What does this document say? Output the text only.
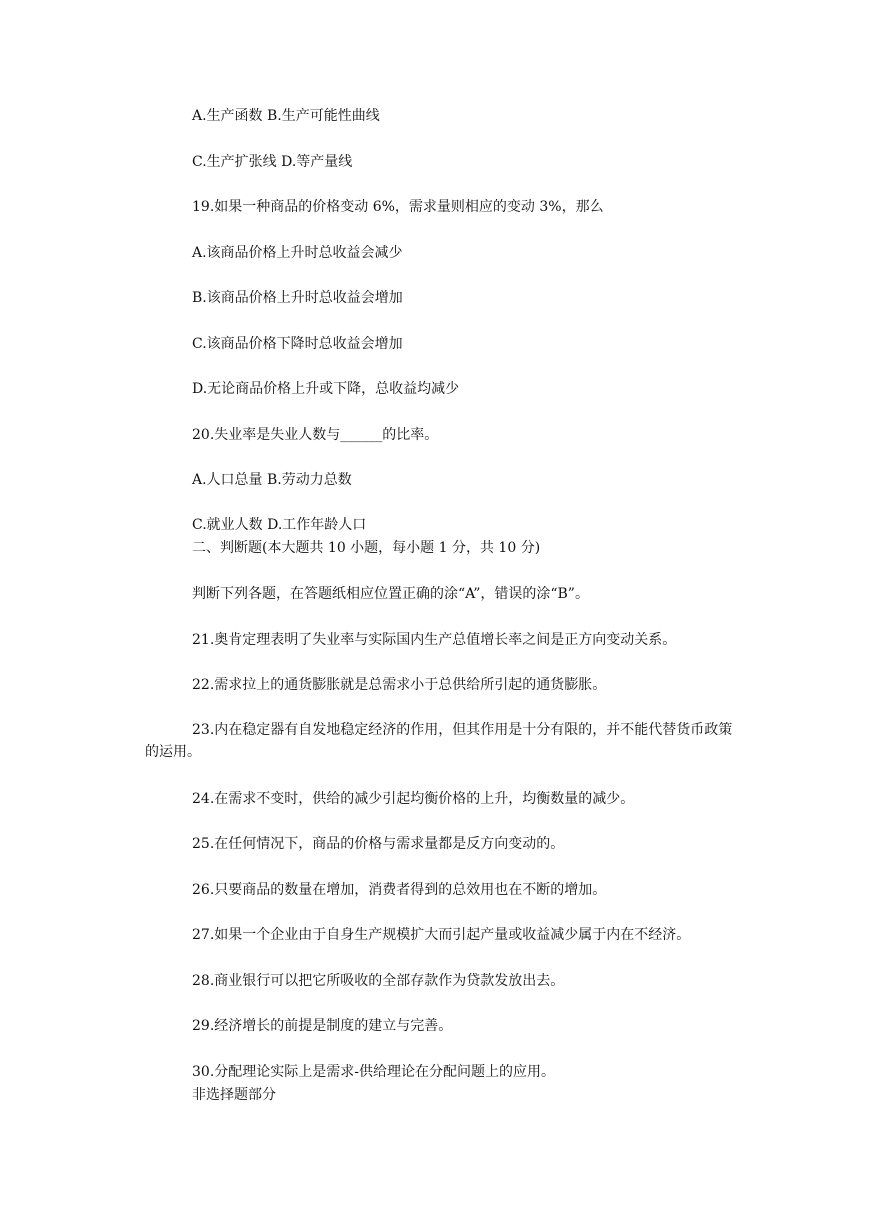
A.生产函数 B.生产可能性曲线

C.生产扩张线 D.等产量线

19.如果一种商品的价格变动 6%，需求量则相应的变动 3%，那么

A.该商品价格上升时总收益会减少

B.该商品价格上升时总收益会增加

C.该商品价格下降时总收益会增加

D.无论商品价格上升或下降，总收益均减少

20.失业率是失业人数与______的比率。

A.人口总量 B.劳动力总数

C.就业人数 D.工作年龄人口

二、判断题(本大题共 10 小题，每小题 1 分，共 10 分)

判断下列各题，在答题纸相应位置正确的涂“A”，错误的涂“B”。

21.奥肯定理表明了失业率与实际国内生产总值增长率之间是正方向变动关系。

22.需求拉上的通货膨胀就是总需求小于总供给所引起的通货膨胀。

23.内在稳定器有自发地稳定经济的作用，但其作用是十分有限的，并不能代替货币政策的运用。

24.在需求不变时，供给的减少引起均衡价格的上升，均衡数量的减少。

25.在任何情况下，商品的价格与需求量都是反方向变动的。

26.只要商品的数量在增加，消费者得到的总效用也在不断的增加。

27.如果一个企业由于自身生产规模扩大而引起产量或收益减少属于内在不经济。

28.商业银行可以把它所吸收的全部存款作为贷款发放出去。

29.经济增长的前提是制度的建立与完善。

30.分配理论实际上是需求-供给理论在分配问题上的应用。

非选择题部分
